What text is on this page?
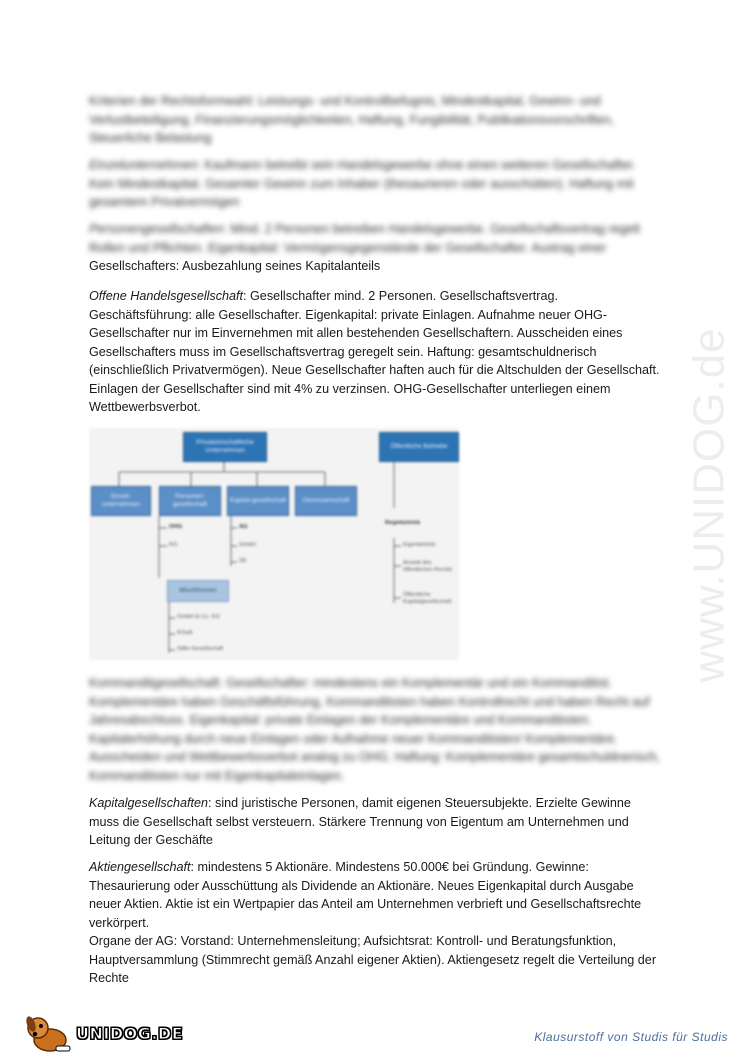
www.UNIDOG.de
Kriterien der Rechtsformwahl: Leistungs- und Kontrollbefugnis, Mindestkapital, Gewinn- und Verlustbeteiligung, Finanzierungsmöglichkeiten, Haftung, Fungibilität, Publikationsvorschriften, Steuerliche Belastung
Einzelunternehmen: Kaufmann betreibt sein Handelsgewerbe ohne einen weiteren Gesellschafter. Kein Mindestkapital. Gesamter Gewinn zum Inhaber (thesaurieren oder ausschütten). Haftung mit gesamtem Privatvermögen
Personengesellschaften: Mind. 2 Personen betreiben Handelsgewerbe. Gesellschaftsvertrag regelt Rollen und Pflichten. Eigenkapital: Vermögensgegenstände der Gesellschafter. Austrag einer
Gesellschafters: Ausbezahlung seines Kapitalanteils
Offene Handelsgesellschaft: Gesellschafter mind. 2 Personen. Gesellschaftsvertrag. Geschäftsführung: alle Gesellschafter. Eigenkapital: private Einlagen. Aufnahme neuer OHG-Gesellschafter nur im Einvernehmen mit allen bestehenden Gesellschaftern. Ausscheiden eines Gesellschafters muss im Gesellschaftsvertrag geregelt sein. Haftung: gesamtschuldnerisch (einschließlich Privatvermögen). Neue Gesellschafter haften auch für die Altschulden der Gesellschaft. Einlagen der Gesellschafter sind mit 4% zu verzinsen. OHG-Gesellschafter unterliegen einem Wettbewerbsverbot.
Privatwirtschaftliche Unternehmen
Öffentliche Betriebe
Einzel-unternehmen
Personen-gesellschaft
Kapital-gesellschaft	Genossenschaft
OHG
KG
AG
GmbH
SE
Mischformen
GmbH & Co. KG
KGaA
Stille Gesellschaft
Regiebetrieb
Eigenbetrieb
Anstalt des öffentlichen Rechts
Öffentliche Kapitalgesellschaft
Kommanditgesellschaft: Gesellschafter: mindestens ein Komplementär und ein Kommanditist. Komplementäre haben Geschäftsführung, Kommanditisten haben Kontrollrecht und haben Recht auf Jahresabschluss. Eigenkapital: private Einlagen der Komplementäre und Kommanditisten. Kapitalerhöhung durch neue Einlagen oder Aufnahme neuer Kommanditisten/ Komplementäre. Ausscheiden und Wettbewerbsverbot analog zu OHG. Haftung: Komplementäre gesamtschuldnerisch, Kommanditisten nur mit Eigenkapitaleinlagen.
Kapitalgesellschaften: sind juristische Personen, damit eigenen Steuersubjekte. Erzielte Gewinne muss die Gesellschaft selbst versteuern. Stärkere Trennung von Eigentum am Unternehmen und Leitung der Geschäfte
Aktiengesellschaft: mindestens 5 Aktionäre. Mindestens 50.000€ bei Gründung. Gewinne: Thesaurierung oder Ausschüttung als Dividende an Aktionäre. Neues Eigenkapital durch Ausgabe neuer Aktien. Aktie ist ein Wertpapier das Anteil am Unternehmen verbrieft und Gesellschaftsrechte verkörpert.
Organe der AG: Vorstand: Unternehmensleitung; Aufsichtsrat: Kontroll- und Beratungsfunktion, Hauptversammlung (Stimmrecht gemäß Anzahl eigener Aktien). Aktiengesetz regelt die Verteilung der Rechte
UNIDOG.DE	Klausurstoff von Studis für Studis
